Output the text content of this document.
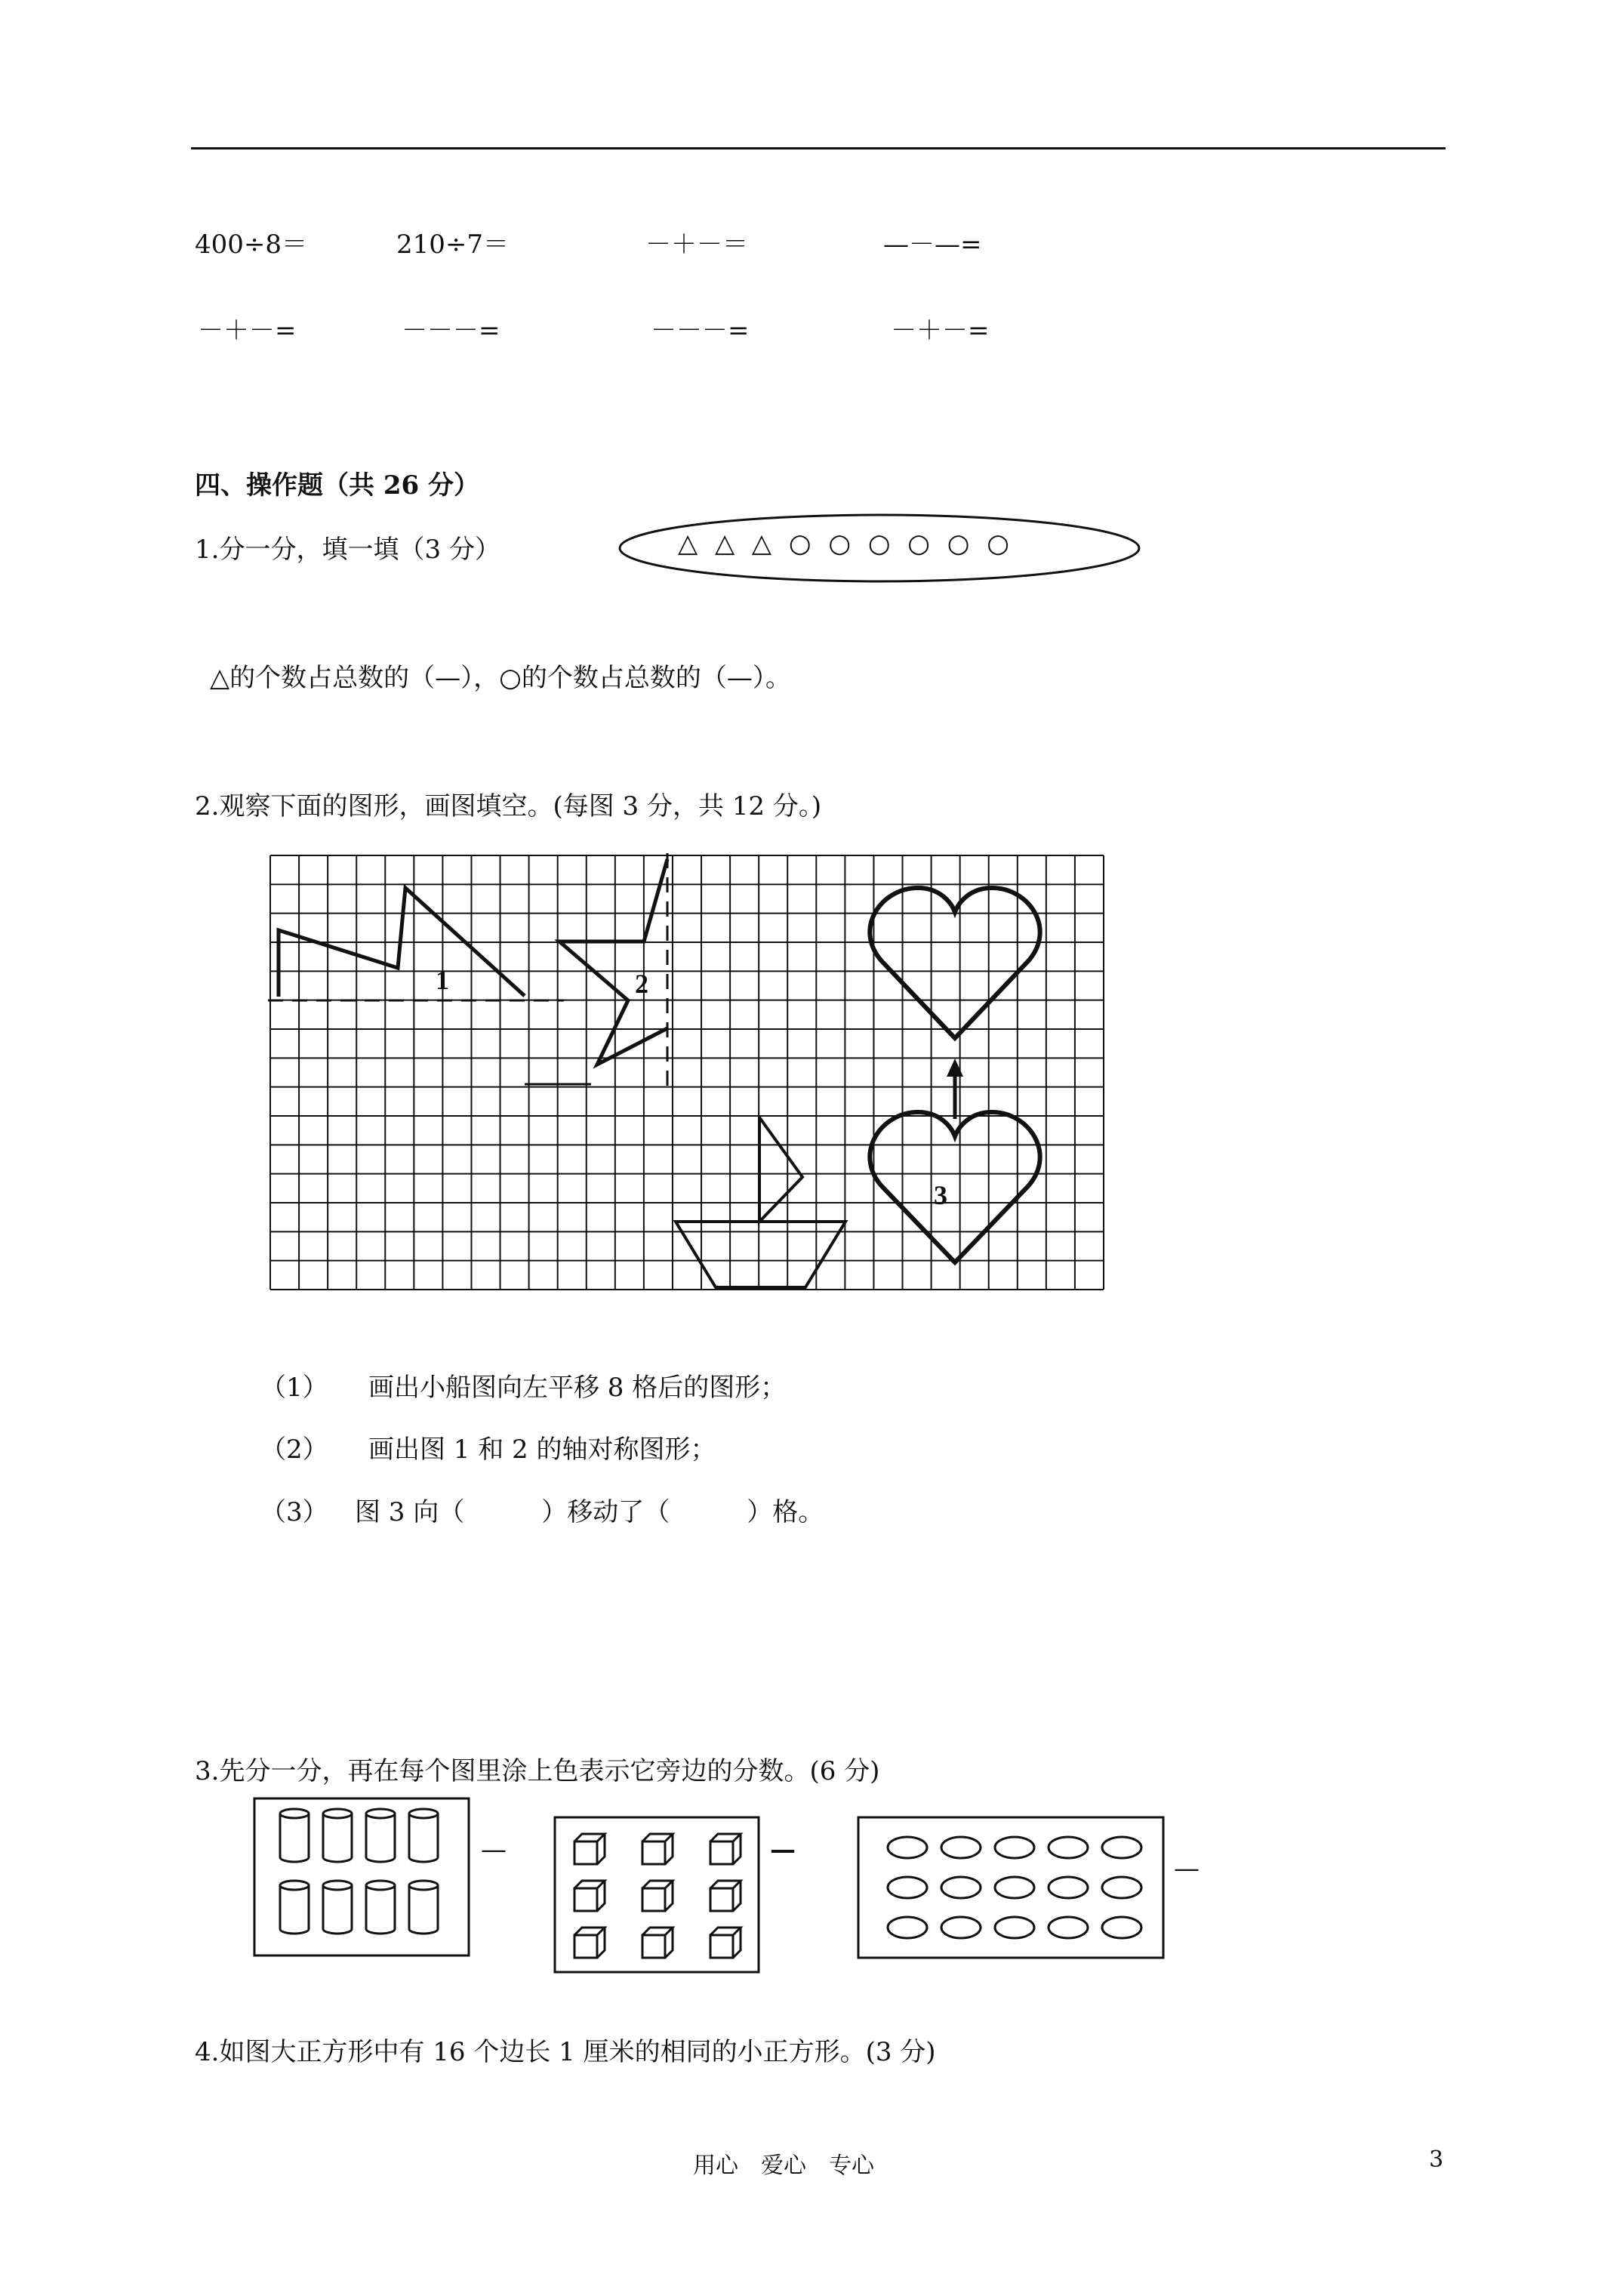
400÷8＝	210÷7＝	－＋－＝	—－—=
－＋－=	－－－=	－－－=	－＋－=
四、操作题（共 26 分）
1.分一分，填一填（3 分）	△ △ △ ○ ○ ○ ○ ○ ○
△的个数占总数的（—），○的个数占总数的（—）。
2.观察下面的图形，画图填空。(每图 3 分，共 12 分。)
1	2
3
（1） 画出小船图向左平移 8 格后的图形；
（2） 画出图 1 和 2 的轴对称图形；
（3） 图 3 向（　　　）移动了（　　　）格。
3.先分一分，再在每个图里涂上色表示它旁边的分数。(6 分)
—	—
—
4.如图大正方形中有 16 个边长 1 厘米的相同的小正方形。(3 分)
用心　爱心　专心	3
